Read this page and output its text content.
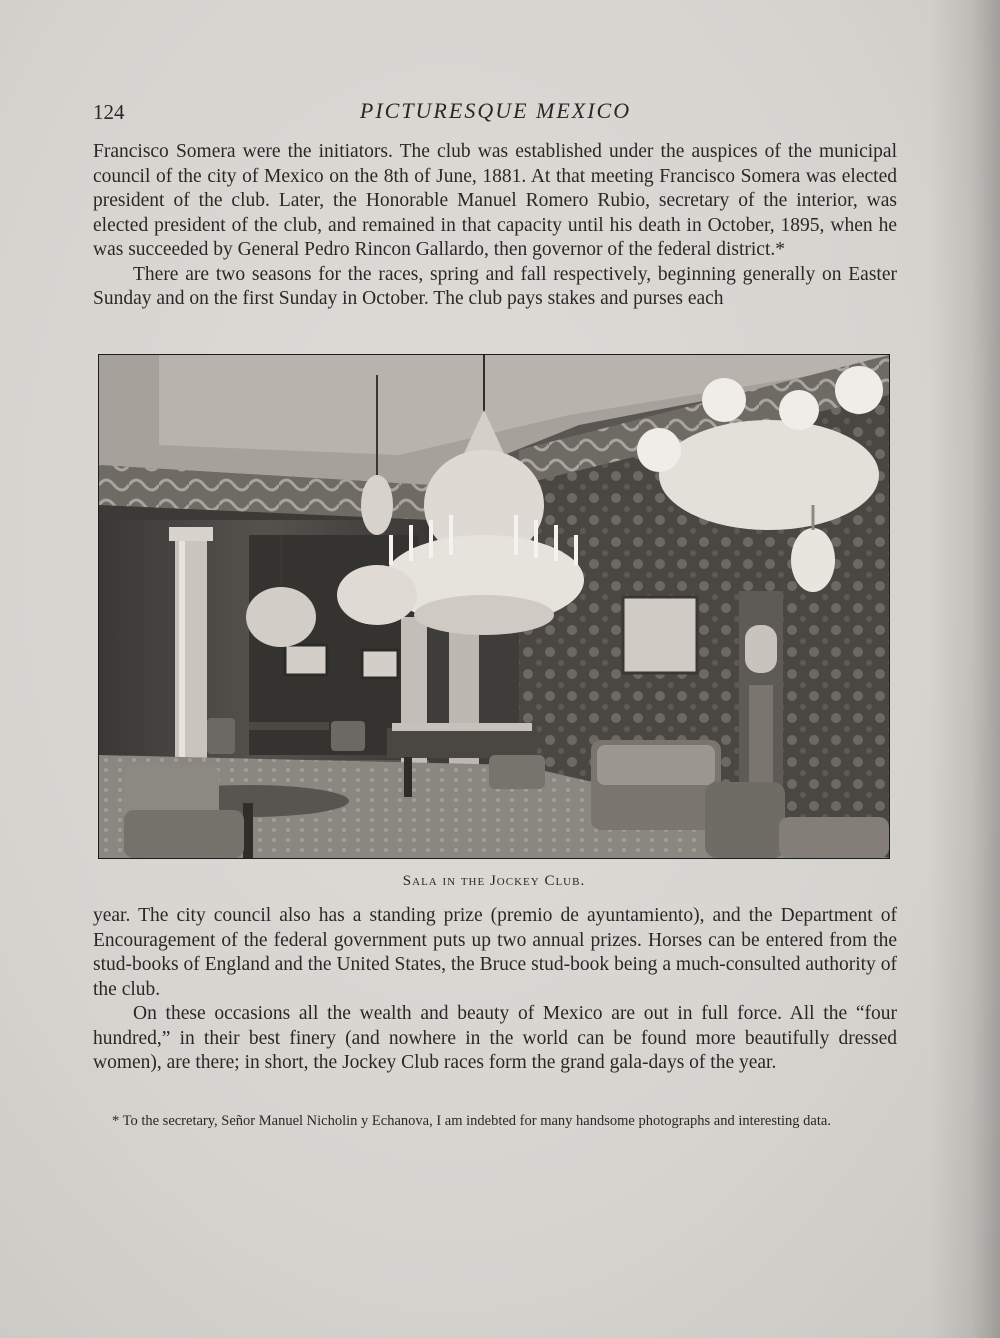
124	PICTURESQUE MEXICO

Francisco Somera were the initiators. The club was established under the auspices of the municipal council of the city of Mexico on the 8th of June, 1881. At that meeting Francisco Somera was elected president of the club. Later, the Honorable Manuel Romero Rubio, secretary of the interior, was elected president of the club, and remained in that capacity until his death in October, 1895, when he was succeeded by General Pedro Rincon Gallardo, then governor of the federal district.*

There are two seasons for the races, spring and fall respectively, beginning generally on Easter Sunday and on the first Sunday in October. The club pays stakes and purses each

Sala in the Jockey Club.

year. The city council also has a standing prize (premio de ayuntamiento), and the Department of Encouragement of the federal government puts up two annual prizes. Horses can be entered from the stud-books of England and the United States, the Bruce stud-book being a much-consulted authority of the club.

On these occasions all the wealth and beauty of Mexico are out in full force. All the “four hundred,” in their best finery (and nowhere in the world can be found more beautifully dressed women), are there; in short, the Jockey Club races form the grand gala-days of the year.

* To the secretary, Señor Manuel Nicholin y Echanova, I am indebted for many handsome photographs and interesting data.
